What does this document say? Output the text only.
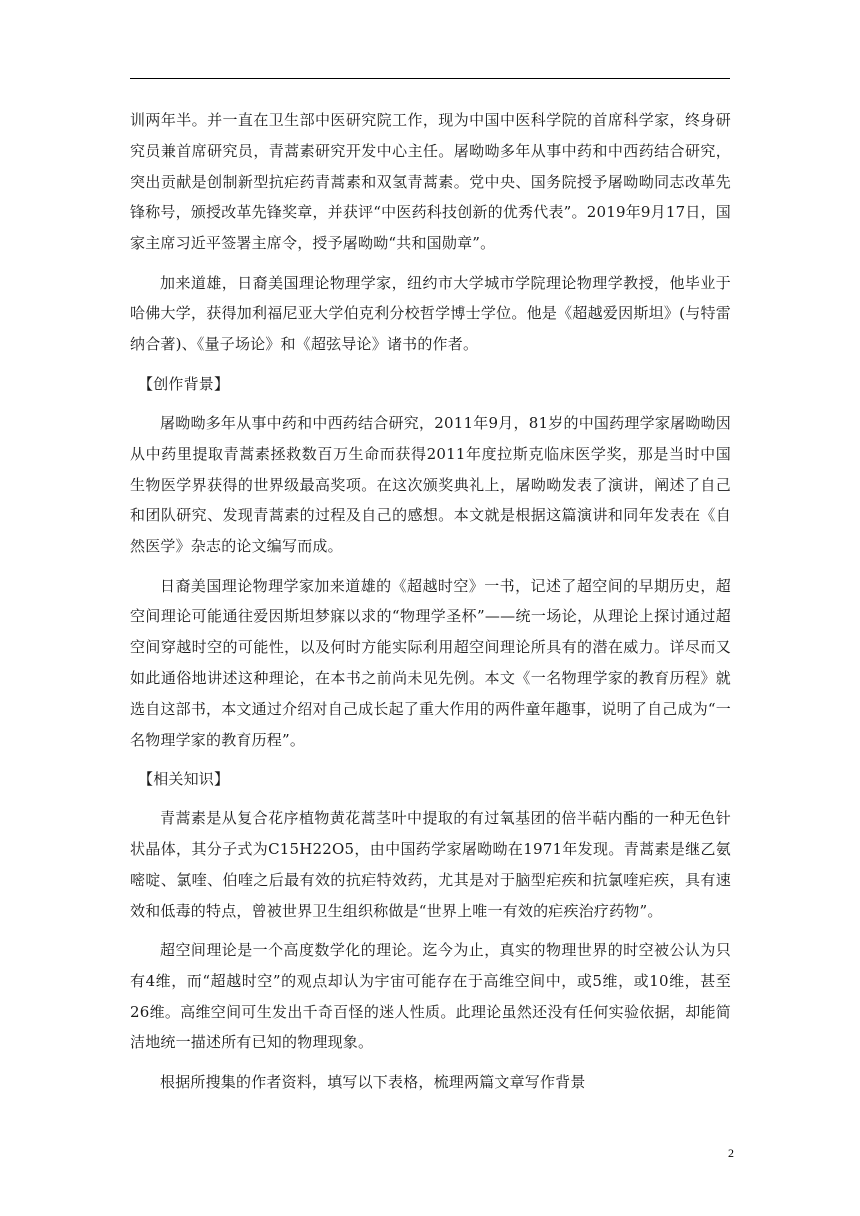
训两年半。并一直在卫生部中医研究院工作，现为中国中医科学院的首席科学家，终身研究员兼首席研究员，青蒿素研究开发中心主任。屠呦呦多年从事中药和中西药结合研究，突出贡献是创制新型抗疟药青蒿素和双氢青蒿素。党中央、国务院授予屠呦呦同志改革先锋称号，颁授改革先锋奖章，并获评“中医药科技创新的优秀代表”。2019年9月17日，国家主席习近平签署主席令，授予屠呦呦“共和国勋章”。

加来道雄，日裔美国理论物理学家，纽约市大学城市学院理论物理学教授，他毕业于哈佛大学，获得加利福尼亚大学伯克利分校哲学博士学位。他是《超越爱因斯坦》(与特雷纳合著)、《量子场论》和《超弦导论》诸书的作者。

【创作背景】

屠呦呦多年从事中药和中西药结合研究，2011年9月，81岁的中国药理学家屠呦呦因从中药里提取青蒿素拯救数百万生命而获得2011年度拉斯克临床医学奖，那是当时中国生物医学界获得的世界级最高奖项。在这次颁奖典礼上，屠呦呦发表了演讲，阐述了自己和团队研究、发现青蒿素的过程及自己的感想。本文就是根据这篇演讲和同年发表在《自然医学》杂志的论文编写而成。

日裔美国理论物理学家加来道雄的《超越时空》一书，记述了超空间的早期历史，超空间理论可能通往爱因斯坦梦寐以求的“物理学圣杯”——统一场论，从理论上探讨通过超空间穿越时空的可能性，以及何时方能实际利用超空间理论所具有的潜在威力。详尽而又如此通俗地讲述这种理论，在本书之前尚未见先例。本文《一名物理学家的教育历程》就选自这部书，本文通过介绍对自己成长起了重大作用的两件童年趣事，说明了自己成为“一名物理学家的教育历程”。

【相关知识】

青蒿素是从复合花序植物黄花蒿茎叶中提取的有过氧基团的倍半萜内酯的一种无色针状晶体，其分子式为C15H22O5，由中国药学家屠呦呦在1971年发现。青蒿素是继乙氨嘧啶、氯喹、伯喹之后最有效的抗疟特效药，尤其是对于脑型疟疾和抗氯喹疟疾，具有速效和低毒的特点，曾被世界卫生组织称做是“世界上唯一有效的疟疾治疗药物”。

超空间理论是一个高度数学化的理论。迄今为止，真实的物理世界的时空被公认为只有4维，而“超越时空”的观点却认为宇宙可能存在于高维空间中，或5维，或10维，甚至26维。高维空间可生发出千奇百怪的迷人性质。此理论虽然还没有任何实验依据，却能简洁地统一描述所有已知的物理现象。

根据所搜集的作者资料，填写以下表格，梳理两篇文章写作背景

2
